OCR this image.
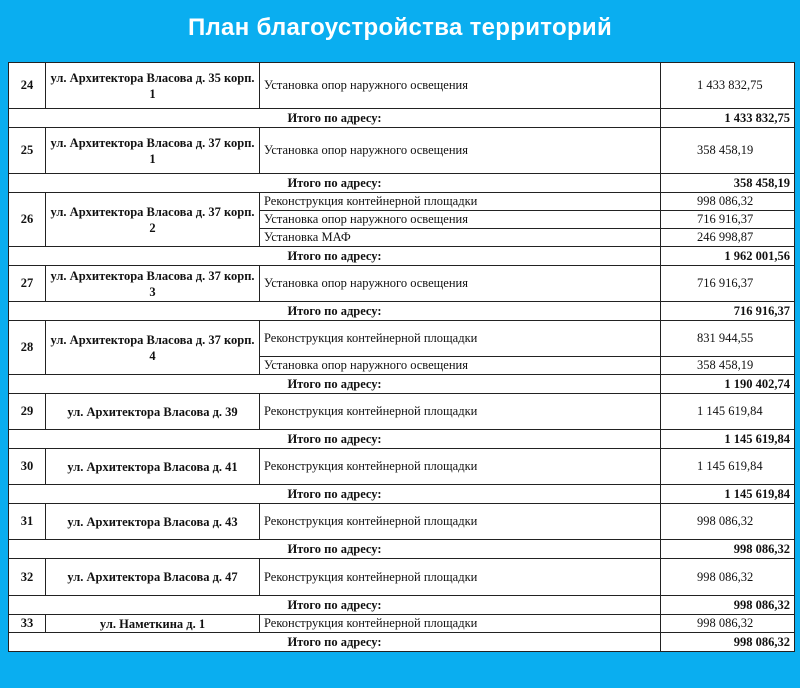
План благоустройства территорий
24	ул. Архитектора Власова д. 35 корп. 1	Установка опор наружного освещения	1 433 832,75
Итого по адресу:			1 433 832,75
25	ул. Архитектора Власова д. 37 корп. 1	Установка опор наружного освещения	358 458,19
Итого по адресу:			358 458,19
26	ул. Архитектора Власова д. 37 корп. 2	Реконструкция контейнерной площадки	998 086,32
		Установка опор наружного освещения	716 916,37
		Установка МАФ	246 998,87
Итого по адресу:			1 962 001,56
27	ул. Архитектора Власова д. 37 корп. 3	Установка опор наружного освещения	716 916,37
Итого по адресу:			716 916,37
28	ул. Архитектора Власова д. 37 корп. 4	Реконструкция контейнерной площадки	831 944,55
		Установка опор наружного освещения	358 458,19
Итого по адресу:			1 190 402,74
29	ул. Архитектора Власова д. 39	Реконструкция контейнерной площадки	1 145 619,84
Итого по адресу:			1 145 619,84
30	ул. Архитектора Власова д. 41	Реконструкция контейнерной площадки	1 145 619,84
Итого по адресу:			1 145 619,84
31	ул. Архитектора Власова д. 43	Реконструкция контейнерной площадки	998 086,32
Итого по адресу:			998 086,32
32	ул. Архитектора Власова д. 47	Реконструкция контейнерной площадки	998 086,32
Итого по адресу:			998 086,32
33	ул. Наметкина д. 1	Реконструкция контейнерной площадки	998 086,32
Итого по адресу:			998 086,32
